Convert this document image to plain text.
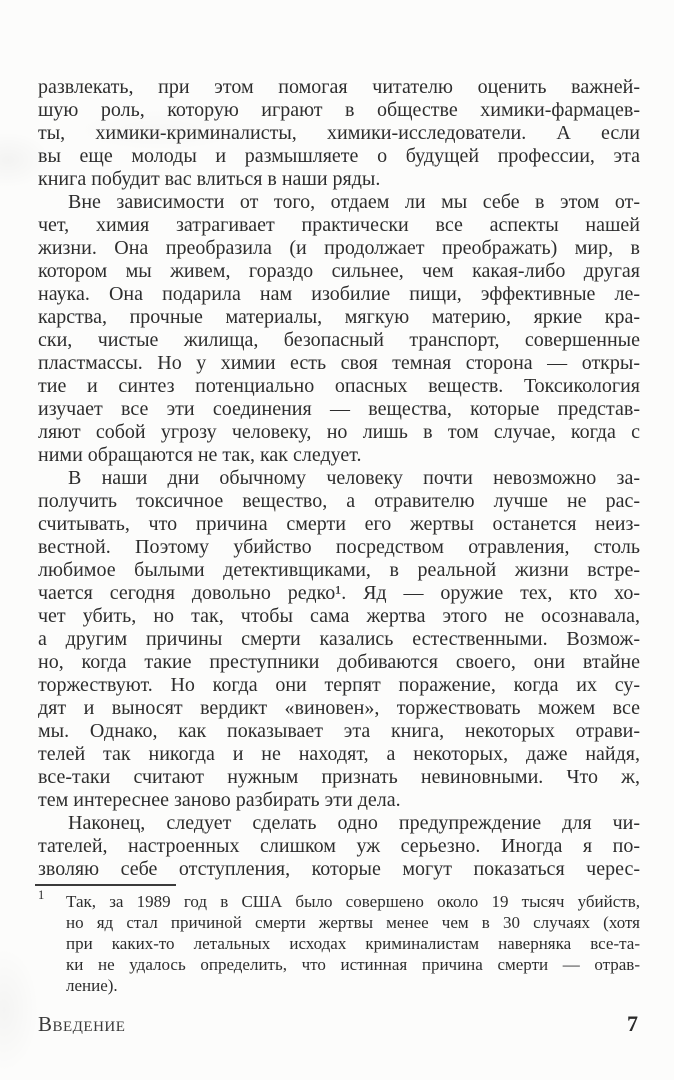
развлекать, при этом помогая читателю оценить важней-
шую роль, которую играют в обществе химики-фармацев-
ты, химики-криминалисты, химики-исследователи. А если
вы еще молоды и размышляете о будущей профессии, эта
книга побудит вас влиться в наши ряды.
Вне зависимости от того, отдаем ли мы себе в этом от-
чет, химия затрагивает практически все аспекты нашей
жизни. Она преобразила (и продолжает преображать) мир, в
котором мы живем, гораздо сильнее, чем какая-либо другая
наука. Она подарила нам изобилие пищи, эффективные ле-
карства, прочные материалы, мягкую материю, яркие кра-
ски, чистые жилища, безопасный транспорт, совершенные
пластмассы. Но у химии есть своя темная сторона — откры-
тие и синтез потенциально опасных веществ. Токсикология
изучает все эти соединения — вещества, которые представ-
ляют собой угрозу человеку, но лишь в том случае, когда с
ними обращаются не так, как следует.
В наши дни обычному человеку почти невозможно за-
получить токсичное вещество, а отравителю лучше не рас-
считывать, что причина смерти его жертвы останется неиз-
вестной. Поэтому убийство посредством отравления, столь
любимое былыми детективщиками, в реальной жизни встре-
чается сегодня довольно редко¹. Яд — оружие тех, кто хо-
чет убить, но так, чтобы сама жертва этого не осознавала,
а другим причины смерти казались естественными. Возмож-
но, когда такие преступники добиваются своего, они втайне
торжествуют. Но когда они терпят поражение, когда их су-
дят и выносят вердикт «виновен», торжествовать можем все
мы. Однако, как показывает эта книга, некоторых отрави-
телей так никогда и не находят, а некоторых, даже найдя,
все-таки считают нужным признать невиновными. Что ж,
тем интереснее заново разбирать эти дела.
Наконец, следует сделать одно предупреждение для чи-
тателей, настроенных слишком уж серьезно. Иногда я по-
зволяю себе отступления, которые могут показаться черес-
1 Так, за 1989 год в США было совершено около 19 тысяч убийств,
но яд стал причиной смерти жертвы менее чем в 30 случаях (хотя
при каких-то летальных исходах криминалистам наверняка все-та-
ки не удалось определить, что истинная причина смерти — отрав-
ление).
Введение	7
